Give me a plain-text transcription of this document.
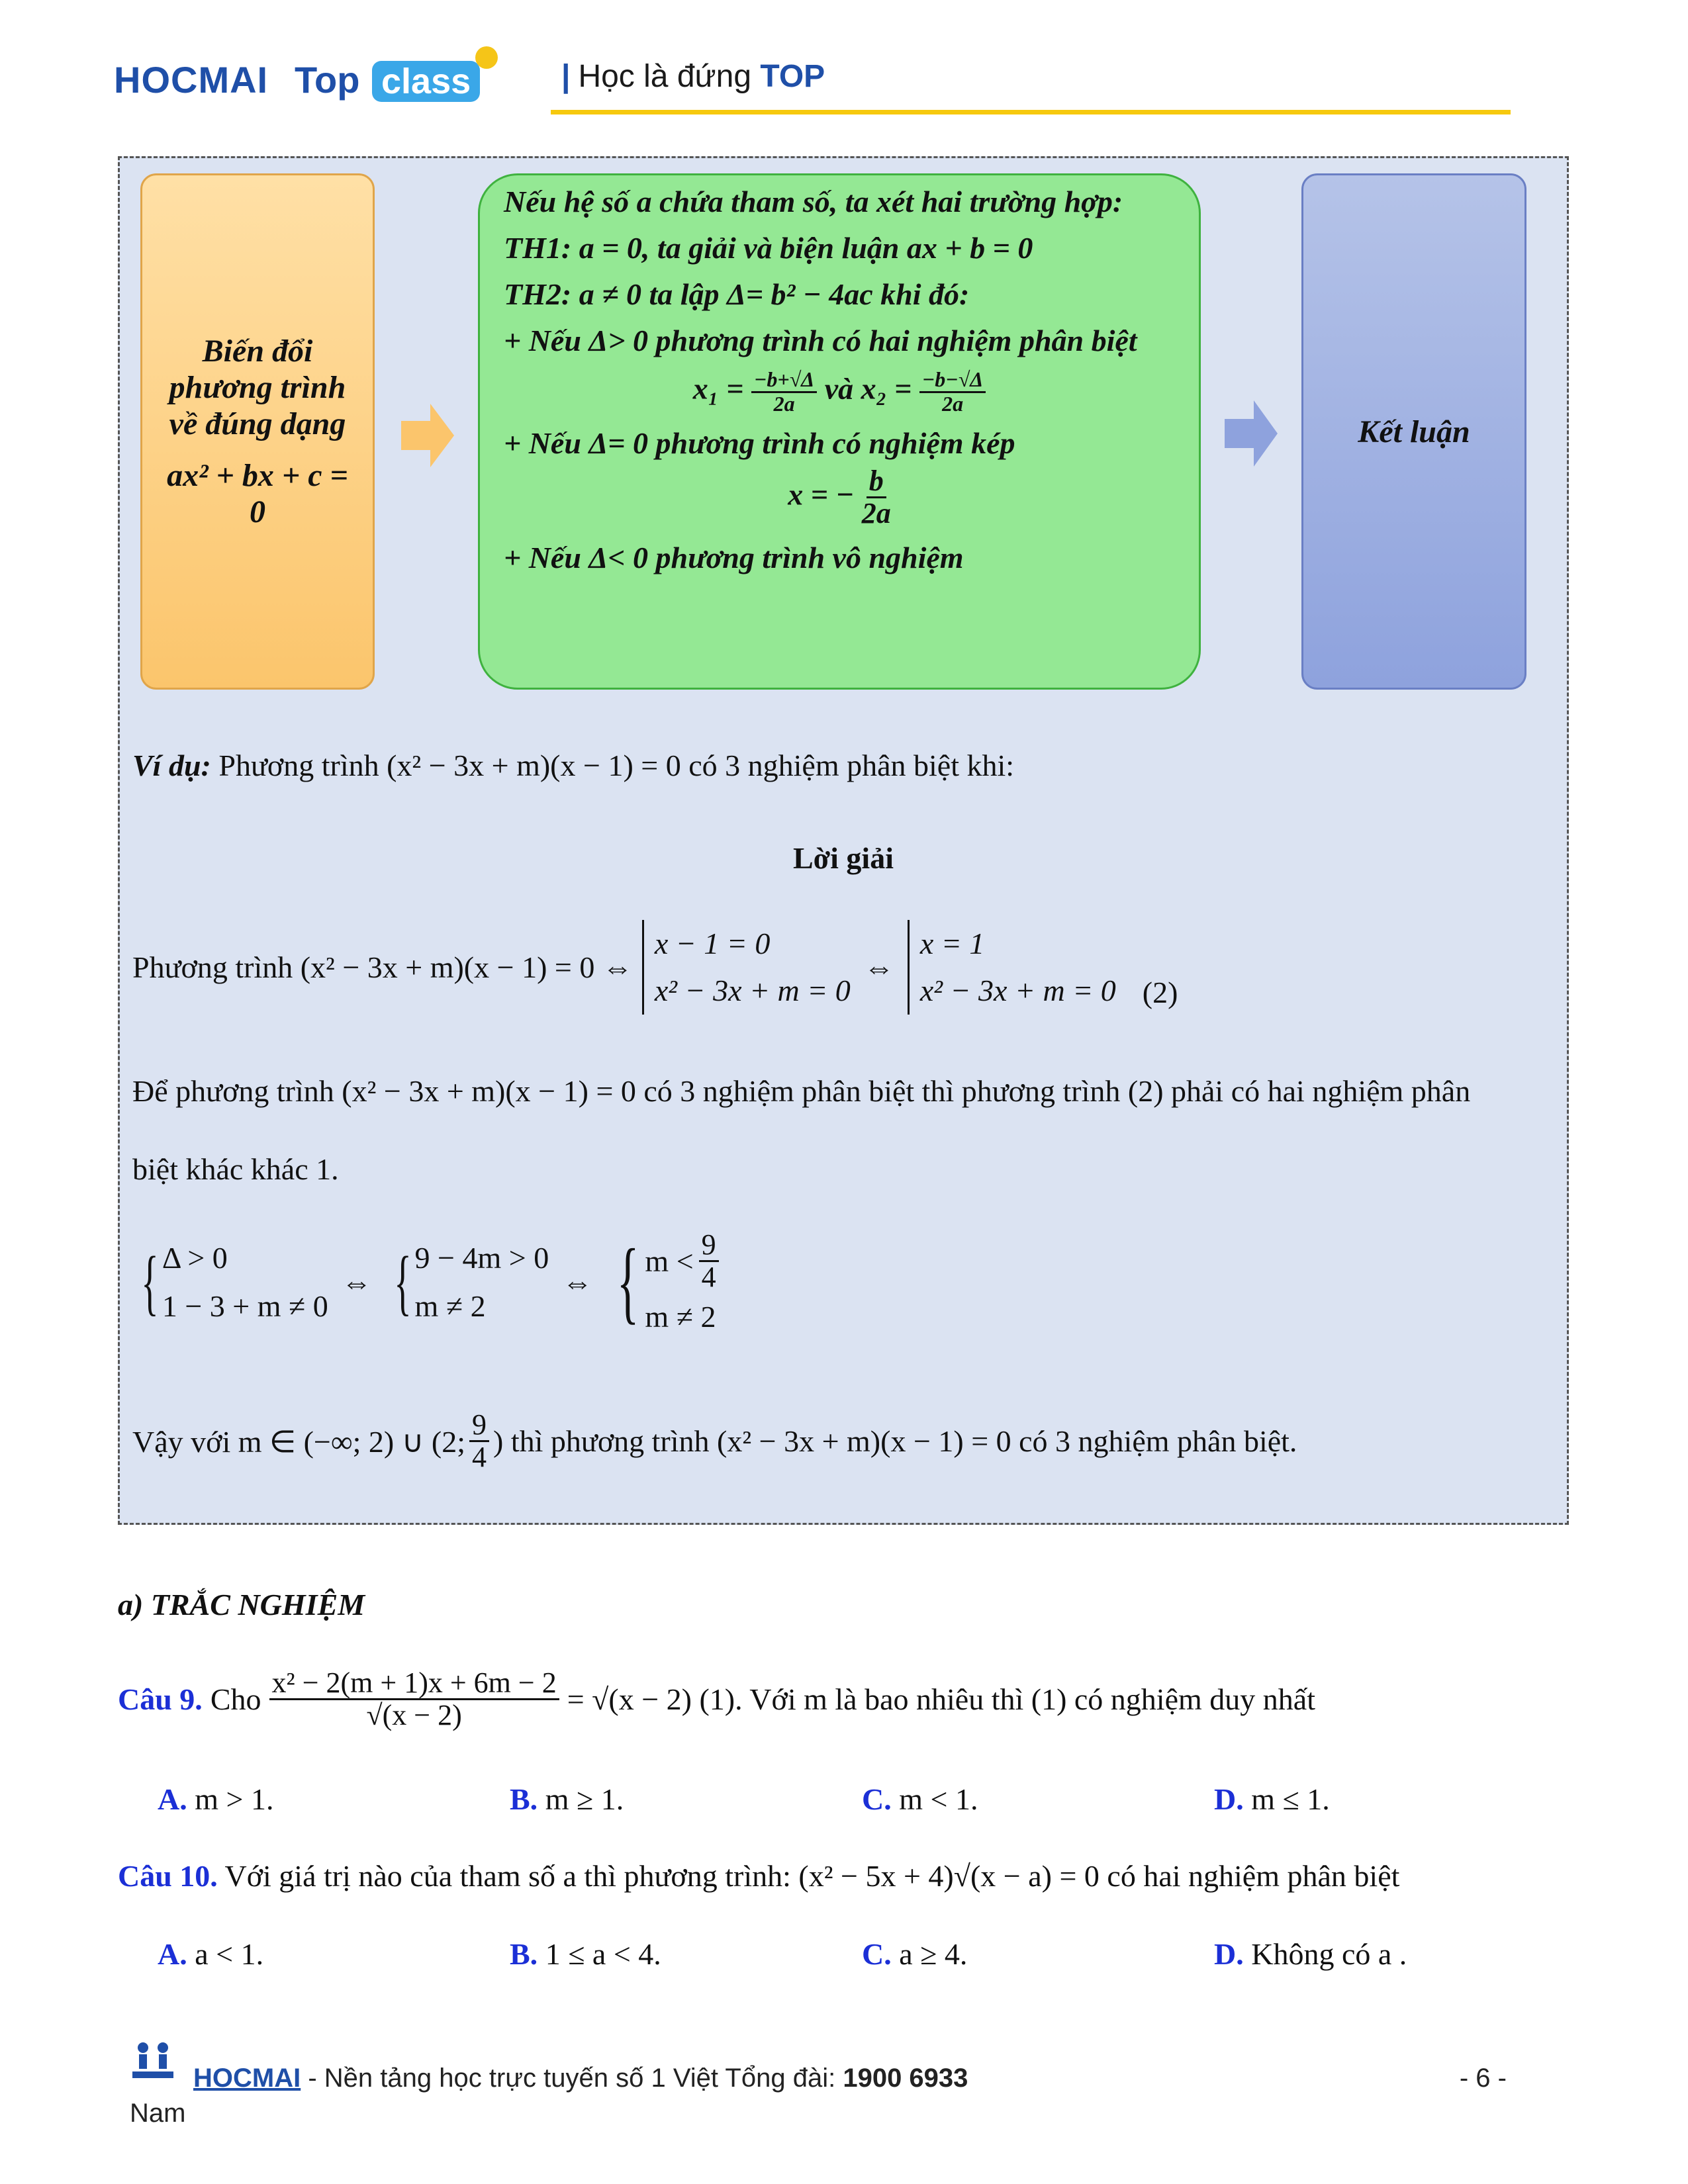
HOCMAI Top class	| Học là đứng TOP
Biến đổi phương trình về đúng dạng
ax² + bx + c = 0

Nếu hệ số a chứa tham số, ta xét hai trường hợp:

TH1: a = 0, ta giải và biện luận ax + b = 0

TH2: a ≠ 0 ta lập Δ= b² − 4ac khi đó:

+ Nếu Δ> 0 phương trình có hai nghiệm phân biệt

$x_1 = \frac{-b+√\Delta}{2a}$ và $x_2 = \frac{-b-√\Delta}{2a}$

+ Nếu Δ= 0 phương trình có nghiệm kép

x = − $\frac{b}{2a}$

+ Nếu Δ< 0 phương trình vô nghiệm

Kết luận
Ví dụ: Phương trình (x² − 3x + m)(x − 1) = 0 có 3 nghiệm phân biệt khi:
Lời giải
Phương trình (x² − 3x + m)(x − 1) = 0 ⇔
x − 1 = 0
x² − 3x + m = 0
⇔
x = 1
x² − 3x + m = 0 (2)
Để phương trình (x² − 3x + m)(x − 1) = 0 có 3 nghiệm phân biệt thì phương trình (2) phải có hai nghiệm phân
biệt khác khác 1.
{ Δ > 0
1 − 3 + m ≠ 0
⇔ { 9 − 4m > 0
m ≠ 2
⇔ { $m < \frac{9}{4}$
m ≠ 2
Vậy với m ∈ (−∞; 2) ∪ (2; $\frac{9}{4}$ ) thì phương trình (x² − 3x + m)(x − 1) = 0 có 3 nghiệm phân biệt.
a) TRẮC NGHIỆM
Câu 9. Cho $\frac{\text{x² − 2(m + 1)x + 6m − 2}}{√(x - 2)} = √(x - 2)$ (1). Với m là bao nhiêu thì (1) có nghiệm duy nhất
A. m > 1.	B. m ≥ 1.	C. m < 1.	D. m ≤ 1.
Câu 10. Với giá trị nào của tham số a thì phương trình: (x² − 5x + 4)√(x − a) = 0 có hai nghiệm phân biệt
A. a < 1.	B. 1 ≤ a < 4.	C. a ≥ 4.	D. Không có a .
HOCMAI - Nền tảng học trực tuyến số 1 Việt Tổng đài: 1900 6933	- 6 -
Nam
